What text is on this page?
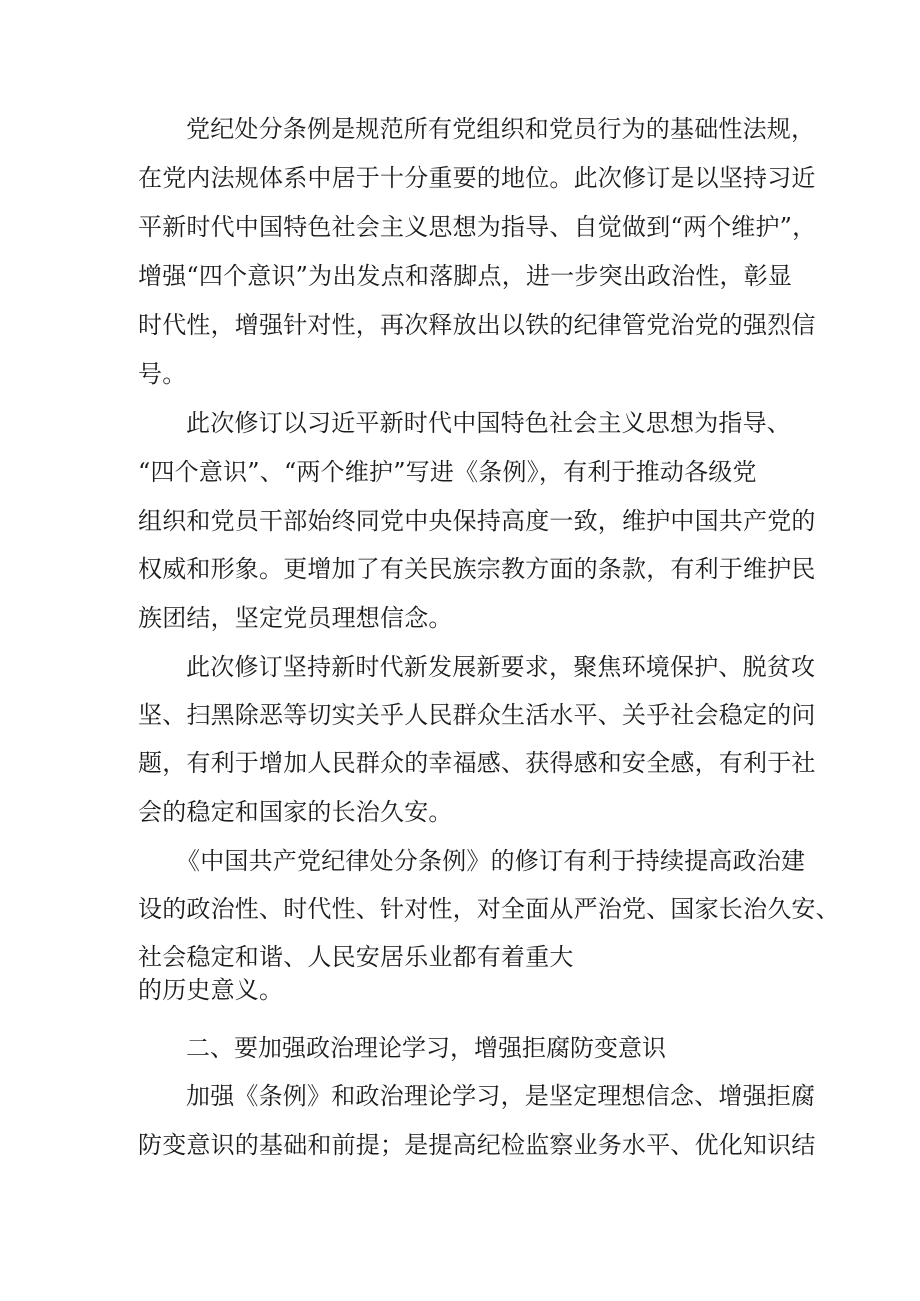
党纪处分条例是规范所有党组织和党员行为的基础性法规，
在党内法规体系中居于十分重要的地位。此次修订是以坚持习近
平新时代中国特色社会主义思想为指导、自觉做到“两个维护”，
增强“四个意识”为出发点和落脚点，进一步突出政治性，彰显
时代性，增强针对性，再次释放出以铁的纪律管党治党的强烈信
号。
此次修订以习近平新时代中国特色社会主义思想为指导、
“四个意识”、“两个维护”写进《条例》，有利于推动各级党
组织和党员干部始终同党中央保持高度一致，维护中国共产党的
权威和形象。更增加了有关民族宗教方面的条款，有利于维护民
族团结，坚定党员理想信念。
此次修订坚持新时代新发展新要求，聚焦环境保护、脱贫攻
坚、扫黑除恶等切实关乎人民群众生活水平、关乎社会稳定的问
题，有利于增加人民群众的幸福感、获得感和安全感，有利于社
会的稳定和国家的长治久安。
《中国共产党纪律处分条例》的修订有利于持续提高政治建
设的政治性、时代性、针对性，对全面从严治党、国家长治久安、
社会稳定和谐、人民安居乐业都有着重大
的历史意义。
二、要加强政治理论学习，增强拒腐防变意识
加强《条例》和政治理论学习，是坚定理想信念、增强拒腐
防变意识的基础和前提；是提高纪检监察业务水平、优化知识结
